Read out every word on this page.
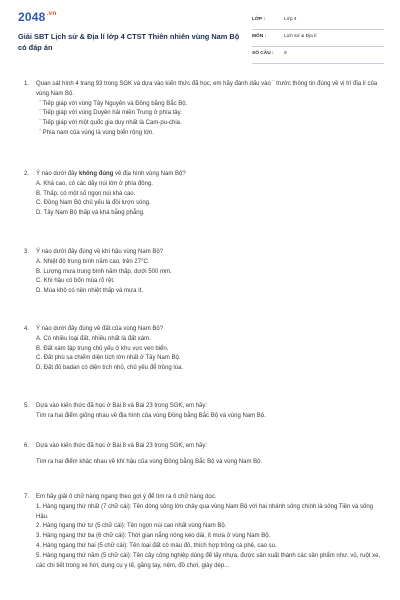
$2048^{.vn}$
Giải SBT Lịch sử & Địa lí lớp 4 CTST Thiên nhiên vùng Nam Bộ có đáp án
LỚP :	Lớp 4
MÔN :	Lịch sử & Địa lí
SỐ CÂU : 9
1. Quan sát hình 4 trang 93 trong SGK và dựa vào kiến thức đã học, em hãy đánh dấu vào ¨ trước thông tin đúng về vị trí địa lí của vùng Nam Bộ.
¨ Tiếp giáp với vùng Tây Nguyên và Đồng bằng Bắc Bộ.
¨ Tiếp giáp với vùng Duyên hải miền Trung ở phía tây.
¨ Tiếp giáp với một quốc gia duy nhất là Cam-pu-chia.
¨ Phía nam của vùng là vùng biển rộng lớn.
2. Ý nào dưới đây không đúng về địa hình vùng Nam Bộ?
A. Khá cao, có các dãy núi lớn ở phía đông.
B. Thấp, có một số ngọn núi khá cao.
C. Đồng Nam Bộ chủ yếu là đồi lượn sóng.
D. Tây Nam Bộ thấp và khá bằng phẳng.
3. Ý nào dưới đây đúng về khí hậu vùng Nam Bộ?
A. Nhiệt độ trung bình năm cao, trên 27°C.
B. Lượng mưa trung bình năm thấp, dưới 500 mm.
C. Khí hậu có bốn mùa rõ rệt.
D. Mùa khô có nền nhiệt thấp và mưa ít.
4. Ý nào dưới đây đúng về đất của vùng Nam Bộ?
A. Có nhiều loại đất, nhiều nhất là đất xám.
B. Đất xám tập trung chủ yếu ở khu vực ven biển.
C. Đất phù sa chiếm diện tích lớn nhất ở Tây Nam Bộ.
D. Đất đỏ badan có diện tích nhỏ, chủ yếu để trồng lúa.
5. Dựa vào kiến thức đã học ở Bài 8 và Bài 23 trong SGK, em hãy:
Tìm ra hai điểm giống nhau về địa hình của vùng Đồng bằng Bắc Bộ và vùng Nam Bộ.
6. Dựa vào kiến thức đã học ở Bài 8 và Bài 23 trong SGK, em hãy:
Tìm ra hai điểm khác nhau về khí hậu của vùng Đồng bằng Bắc Bộ và vùng Nam Bộ.
7. Em hãy giải ô chữ hàng ngang theo gợi ý để tìm ra ô chữ hàng dọc.
1. Hàng ngang thứ nhất (7 chữ cái): Tên dòng sông lớn chảy qua vùng Nam Bộ với hai nhánh sông chính là sông Tiền và sông Hậu.
2. Hàng ngang thứ tư (5 chữ cái): Tên ngọn núi cao nhất vùng Nam Bộ.
3. Hàng ngang thứ ba (6 chữ cái): Thời gian nắng nóng kéo dài, ít mưa ở vùng Nam Bộ.
4. Hàng ngang thứ hai (5 chữ cái): Tên loại đất có màu đỏ, thích hợp trồng cà phê, cao su.
5. Hàng ngang thứ năm (5 chữ cái): Tên cây công nghiệp dùng để lấy nhựa, được sản xuất thành các sản phẩm như: vỏ, ruột xe, các chi tiết trong xe hơi, dụng cụ y tế, găng tay, nệm, đồ chơi, giày dép...
